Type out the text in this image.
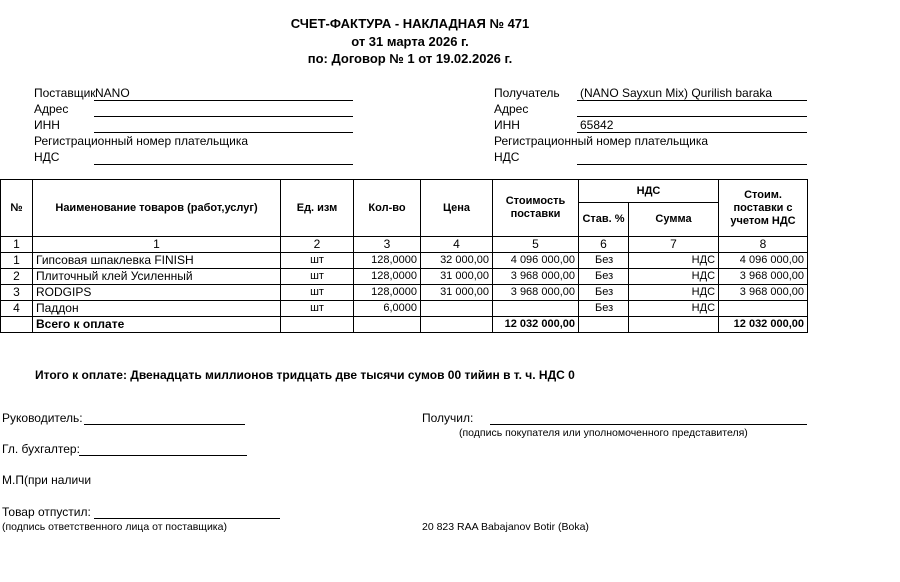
СЧЕТ-ФАКТУРА - НАКЛАДНАЯ № 471
от 31 марта 2026 г.
по: Договор № 1 от 19.02.2026 г.
Поставщик NANO
Адрес
ИНН
Регистрационный номер плательщика
НДС
Получатель (NANO Sayxun Mix) Qurilish baraka
Адрес
ИНН	65842
Регистрационный номер плательщика
НДС
№	Наименование товаров (работ,услуг)	Ед. изм	Кол-во	Цена	Стоимость поставки	НДС		Стоим. поставки с учетом НДС
						Став. %	Сумма	
1	1	2	3	4	5	6	7	8
1	Гипсовая шпаклевка FINISH	шт	128,0000	32 000,00	4 096 000,00	Без	НДС	4 096 000,00
2	Плиточный клей Усиленный	шт	128,0000	31 000,00	3 968 000,00	Без	НДС	3 968 000,00
3	RODGIPS	шт	128,0000	31 000,00	3 968 000,00	Без	НДС	3 968 000,00
4	Паддон	шт	6,0000			Без	НДС	
	Всего к оплате				12 032 000,00			12 032 000,00
Итого к оплате: Двенадцать миллионов тридцать две тысячи сумов 00 тийин в т. ч. НДС 0
Руководитель:
Гл. бухгалтер:
М.П(при наличи
Товар отпустил:
(подпись ответственного лица от поставщика)
Получил:
(подпись покупателя или уполномоченного представителя)
20 823 RAA Babajanov Botir (Boka)
